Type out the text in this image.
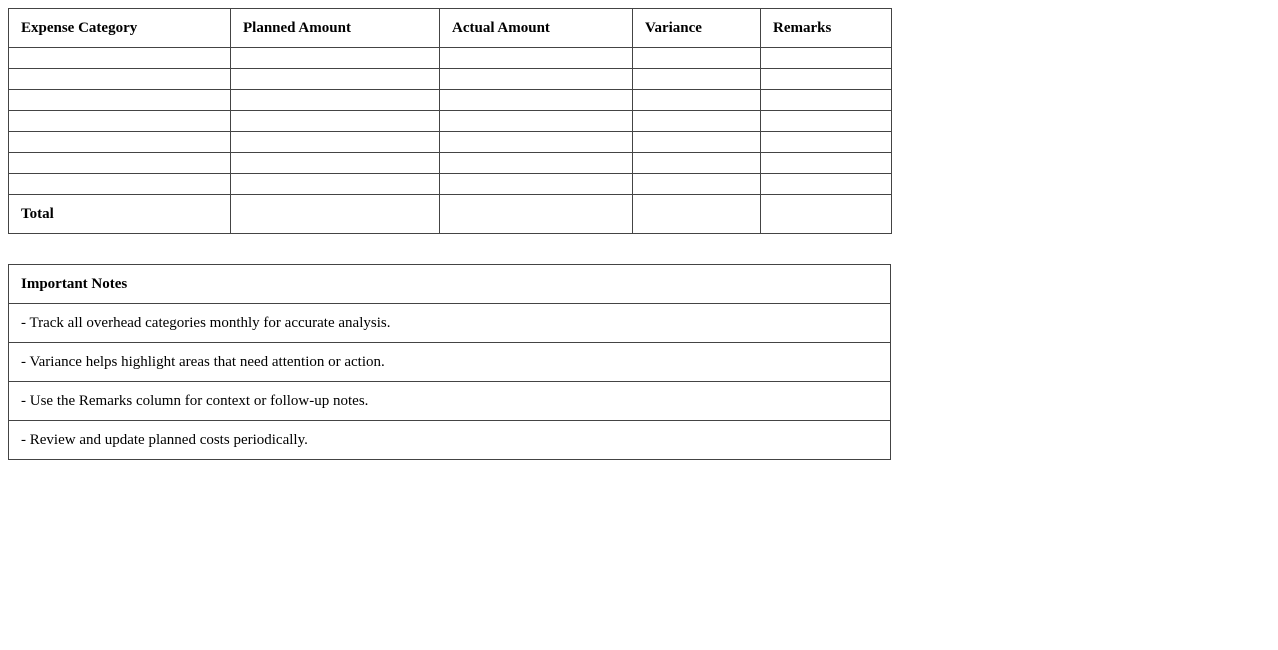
Expense Category	Planned Amount	Actual Amount	Variance	Remarks

Total				
Important Notes
- Track all overhead categories monthly for accurate analysis.
- Variance helps highlight areas that need attention or action.
- Use the Remarks column for context or follow-up notes.
- Review and update planned costs periodically.
